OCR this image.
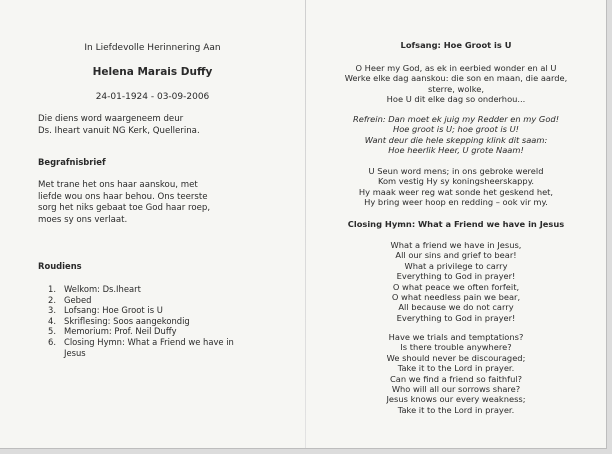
In Liefdevolle Herinnering Aan
Helena Marais Duffy
24-01-1924 - 03-09-2006
Die diens word waargeneem deur
Ds. Iheart vanuit NG Kerk, Quellerina.
Begrafnisbrief
Met trane het ons haar aanskou, met
liefde wou ons haar behou. Ons teerste
sorg het niks gebaat toe God haar roep,
moes sy ons verlaat.
Roudiens
1. Welkom: Ds.Iheart
2. Gebed
3. Lofsang: Hoe Groot is U
4. Skriflesing: Soos aangekondig
5. Memorium: Prof. Neil Duffy
6. Closing Hymn: What a Friend we have in Jesus
Lofsang: Hoe Groot is U
O Heer my God, as ek in eerbied wonder en al U
Werke elke dag aanskou: die son en maan, die aarde,
sterre, wolke,
Hoe U dit elke dag so onderhou...
Refrein: Dan moet ek juig my Redder en my God!
Hoe groot is U; hoe groot is U!
Want deur die hele skepping klink dit saam:
Hoe heerlik Heer, U grote Naam!
U Seun word mens; in ons gebroke wereld
Kom vestig Hy sy koningsheerskappy.
Hy maak weer reg wat sonde het geskend het,
Hy bring weer hoop en redding – ook vir my.
Closing Hymn: What a Friend we have in Jesus
What a friend we have in Jesus,
All our sins and grief to bear!
What a privilege to carry
Everything to God in prayer!
O what peace we often forfeit,
O what needless pain we bear,
All because we do not carry
Everything to God in prayer!
Have we trials and temptations?
Is there trouble anywhere?
We should never be discouraged;
Take it to the Lord in prayer.
Can we find a friend so faithful?
Who will all our sorrows share?
Jesus knows our every weakness;
Take it to the Lord in prayer.
